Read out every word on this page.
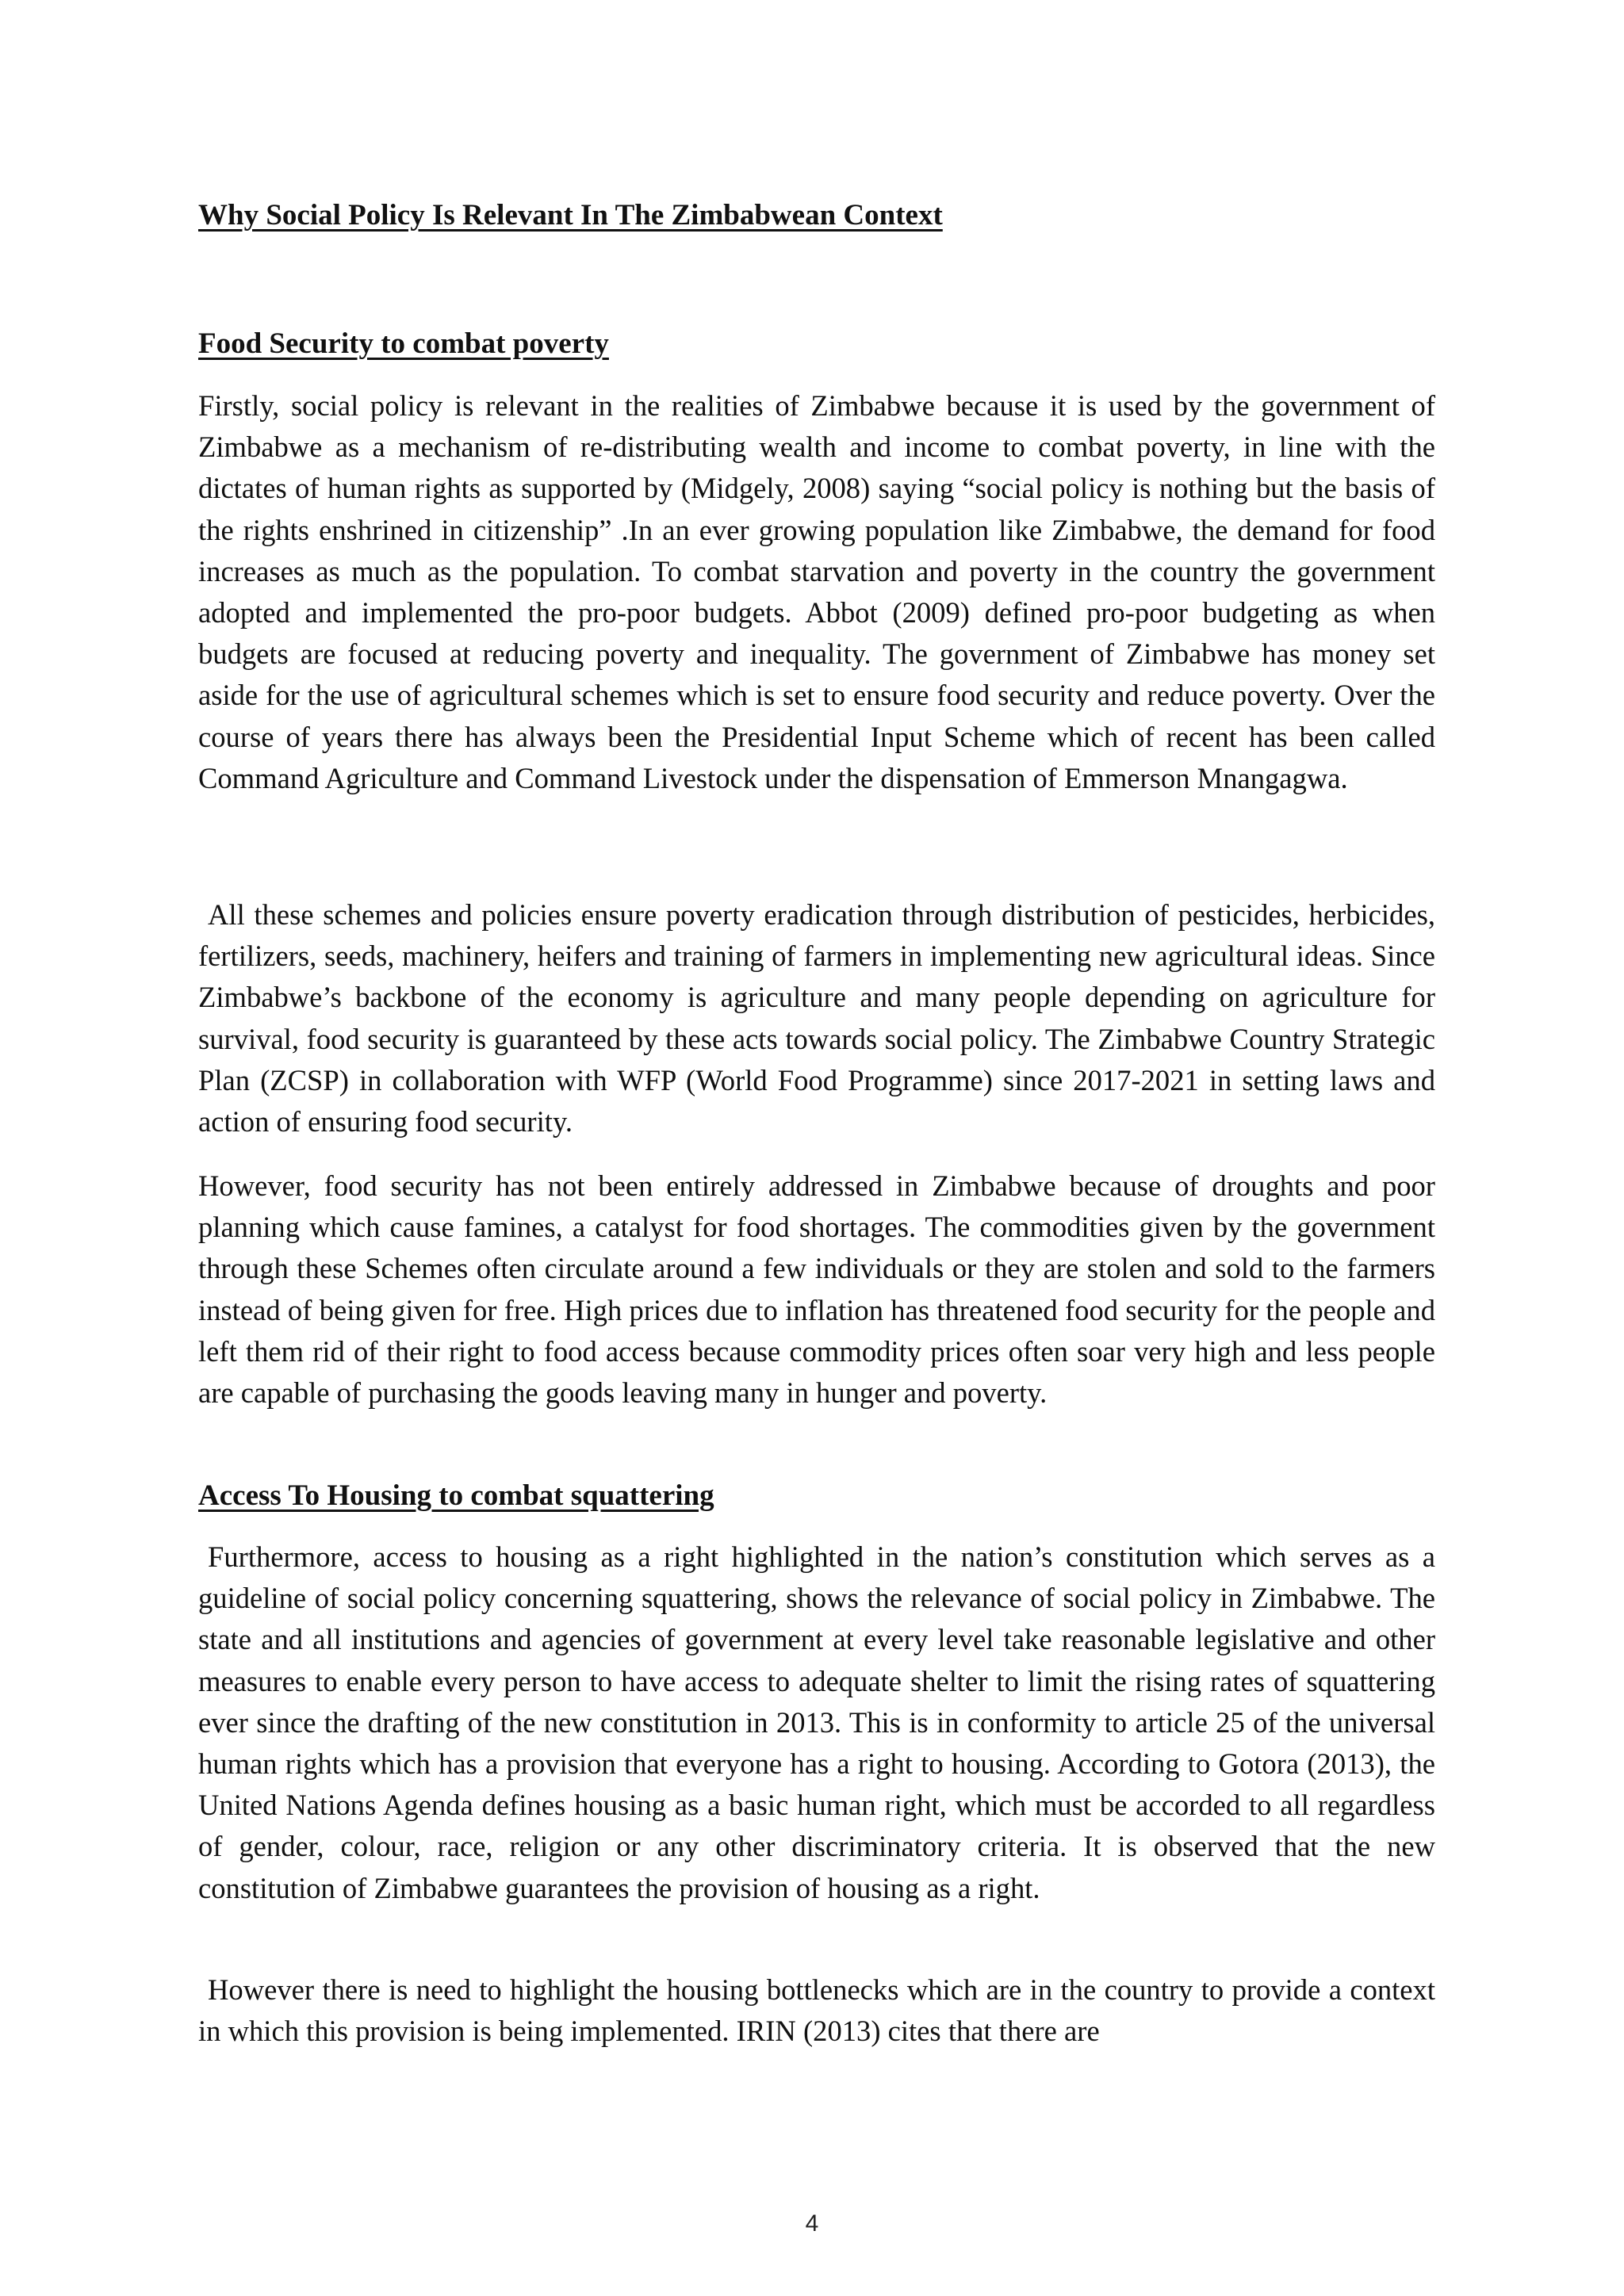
Why Social Policy Is Relevant In The Zimbabwean Context
Food Security to combat poverty

Firstly, social policy is relevant in the realities of Zimbabwe because it is used by the government of Zimbabwe as a mechanism of re-distributing wealth and income to combat poverty, in line with the dictates of human rights as supported by (Midgely, 2008) saying “social policy is nothing but the basis of the rights enshrined in citizenship” .In an ever growing population like Zimbabwe, the demand for food increases as much as the population. To combat starvation and poverty in the country the government adopted and implemented the pro-poor budgets. Abbot (2009) defined pro-poor budgeting as when budgets are focused at reducing poverty and inequality. The government of Zimbabwe has money set aside for the use of agricultural schemes which is set to ensure food security and reduce poverty. Over the course of years there has always been the Presidential Input Scheme which of recent has been called Command Agriculture and Command Livestock under the dispensation of Emmerson Mnangagwa.

All these schemes and policies ensure poverty eradication through distribution of pesticides, herbicides, fertilizers, seeds, machinery, heifers and training of farmers in implementing new agricultural ideas. Since Zimbabwe’s backbone of the economy is agriculture and many people depending on agriculture for survival, food security is guaranteed by these acts towards social policy. The Zimbabwe Country Strategic Plan (ZCSP) in collaboration with WFP (World Food Programme) since 2017-2021 in setting laws and action of ensuring food security.

However, food security has not been entirely addressed in Zimbabwe because of droughts and poor planning which cause famines, a catalyst for food shortages. The commodities given by the government through these Schemes often circulate around a few individuals or they are stolen and sold to the farmers instead of being given for free. High prices due to inflation has threatened food security for the people and left them rid of their right to food access because commodity prices often soar very high and less people are capable of purchasing the goods leaving many in hunger and poverty.

Access To Housing to combat squattering

Furthermore, access to housing as a right highlighted in the nation’s constitution which serves as a guideline of social policy concerning squattering, shows the relevance of social policy in Zimbabwe. The state and all institutions and agencies of government at every level take reasonable legislative and other measures to enable every person to have access to adequate shelter to limit the rising rates of squattering ever since the drafting of the new constitution in 2013. This is in conformity to article 25 of the universal human rights which has a provision that everyone has a right to housing. According to Gotora (2013), the United Nations Agenda defines housing as a basic human right, which must be accorded to all regardless of gender, colour, race, religion or any other discriminatory criteria. It is observed that the new constitution of Zimbabwe guarantees the provision of housing as a right.

However there is need to highlight the housing bottlenecks which are in the country to provide a context in which this provision is being implemented. IRIN (2013) cites that there are

4
